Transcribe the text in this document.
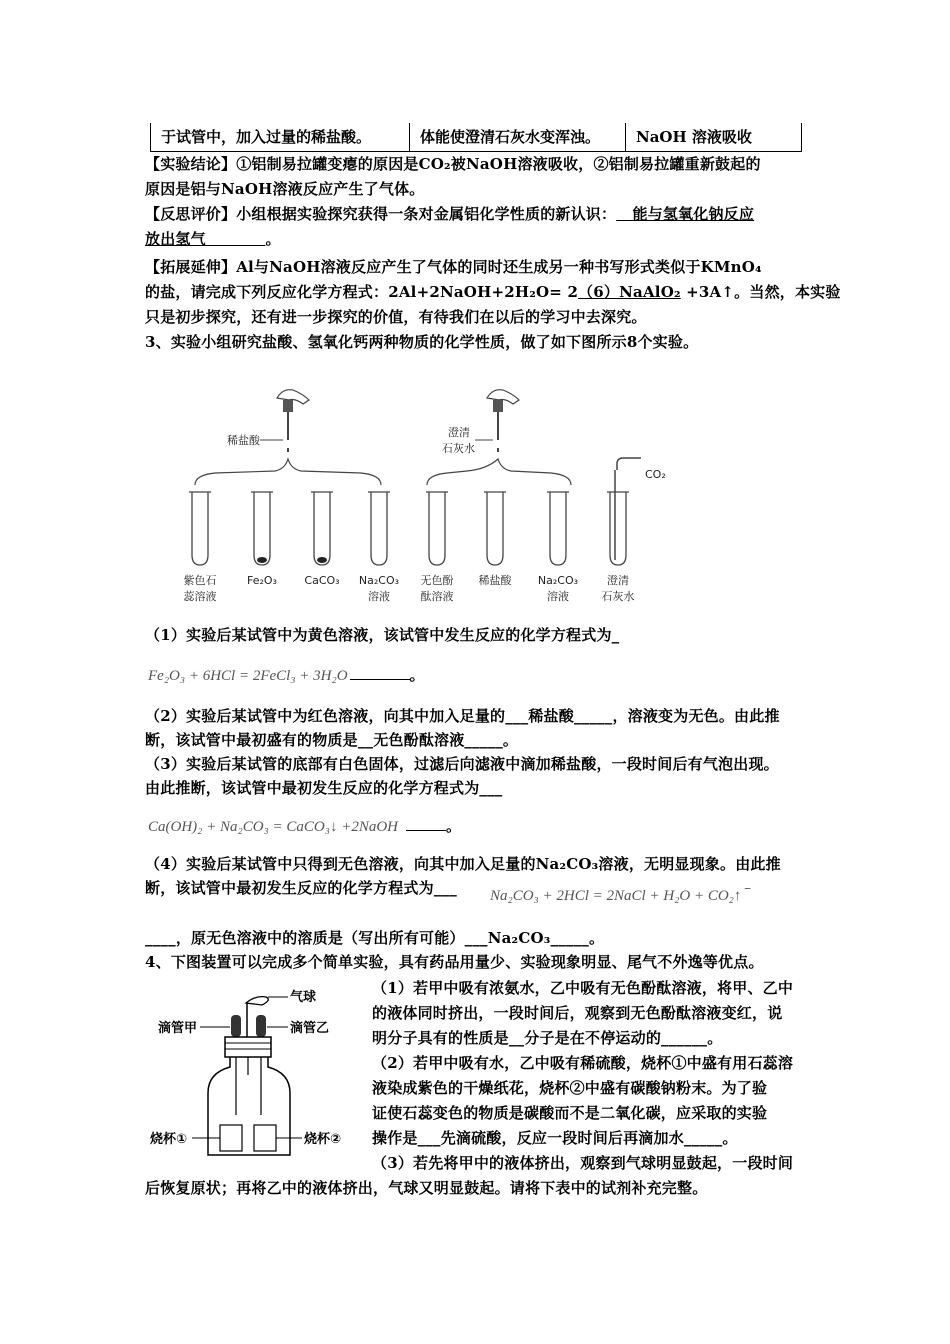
于试管中，加入过量的稀盐酸。	体能使澄清石灰水变浑浊。	NaOH 溶液吸收
【实验结论】①铝制易拉罐变瘪的原因是CO₂被NaOH溶液吸收，②铝制易拉罐重新鼓起的
原因是铝与NaOH溶液反应产生了气体。
【反思评价】小组根据实验探究获得一条对金属铝化学性质的新认识：   能与氢氧化钠反应
放出氢气	。
【拓展延伸】Al与NaOH溶液反应产生了气体的同时还生成另一种书写形式类似于KMnO₄
的盐，请完成下列反应化学方程式：2Al+2NaOH+2H₂O= 2（6）NaAlO₂ +3A↑。当然，本实验
只是初步探究，还有进一步探究的价值，有待我们在以后的学习中去深究。
3、实验小组研究盐酸、氢氧化钙两种物质的化学性质，做了如下图所示8个实验。
稀盐酸
澄清
石灰水
紫色石
蕊溶液
Fe₂O₃ CaCO₃ Na₂CO₃
溶液
无色酚
酞溶液
稀盐酸 Na₂CO₃
溶液
澄清
石灰水
CO₂
（1）实验后某试管中为黄色溶液，该试管中发生反应的化学方程式为_
Fe₂O₃ + 6HCl = 2FeCl₃ + 3H₂O	。
（2）实验后某试管中为红色溶液，向其中加入足量的___稀盐酸_____，溶液变为无色。由此推
断，该试管中最初盛有的物质是__无色酚酞溶液_____。
（3）实验后某试管的底部有白色固体，过滤后向滤液中滴加稀盐酸，一段时间后有气泡出现。
由此推断，该试管中最初发生反应的化学方程式为___
Ca(OH)₂ + Na₂CO₃ = CaCO₃↓ +2NaOH	。
（4）实验后某试管中只得到无色溶液，向其中加入足量的Na₂CO₃溶液，无明显现象。由此推
断，该试管中最初发生反应的化学方程式为___	Na₂CO₃ + 2HCl = 2NaCl + H₂O + CO₂↑ ‾
____，原无色溶液中的溶质是（写出所有可能）___Na₂CO₃_____。
4、下图装置可以完成多个简单实验，具有药品用量少、实验现象明显、尾气不外逸等优点。
气球
滴管甲	滴管乙
烧杯①	烧杯②
（1）若甲中吸有浓氨水，乙中吸有无色酚酞溶液，将甲、乙中
的液体同时挤出，一段时间后，观察到无色酚酞溶液变红，说
明分子具有的性质是__分子是在不停运动的______。
（2）若甲中吸有水，乙中吸有稀硫酸，烧杯①中盛有用石蕊溶
液染成紫色的干燥纸花，烧杯②中盛有碳酸钠粉末。为了验
证使石蕊变色的物质是碳酸而不是二氧化碳，应采取的实验
操作是___先滴硫酸，反应一段时间后再滴加水_____。
（3）若先将甲中的液体挤出，观察到气球明显鼓起，一段时间
后恢复原状；再将乙中的液体挤出，气球又明显鼓起。请将下表中的试剂补充完整。
